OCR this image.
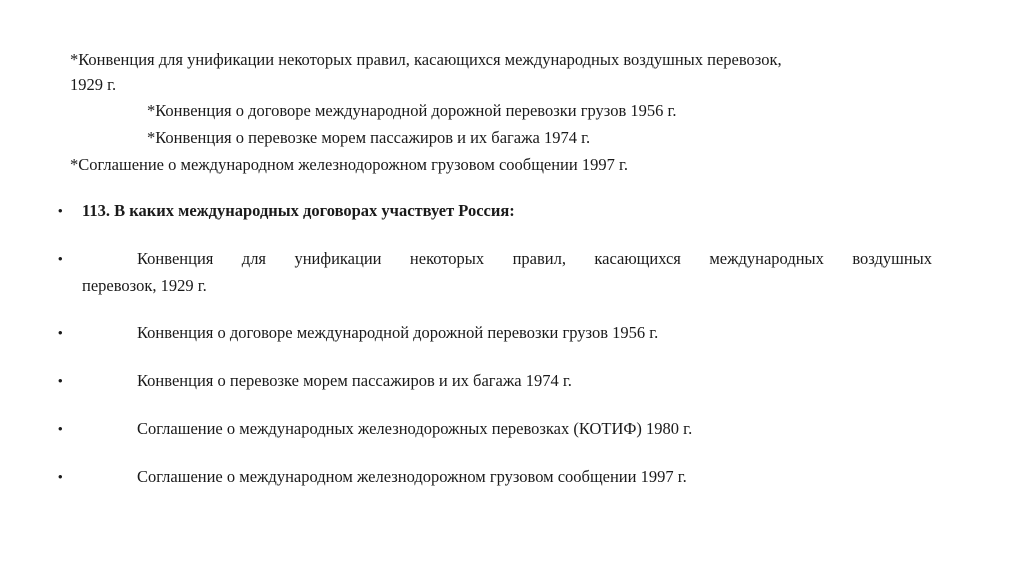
*Конвенция для унификации некоторых правил, касающихся международных воздушных перевозок,
1929 г.
*Конвенция о договоре международной дорожной перевозки грузов 1956 г.
*Конвенция о перевозке морем пассажиров и их багажа 1974 г.
*Соглашение о международном железнодорожном грузовом сообщении 1997 г.
• 113. В каких международных договорах участвует Россия:
•	Конвенция для унификации некоторых правил, касающихся международных воздушных
перевозок, 1929 г.
•	Конвенция о договоре международной дорожной перевозки грузов 1956 г.
•	Конвенция о перевозке морем пассажиров и их багажа 1974 г.
•	Соглашение о международных железнодорожных перевозках (КОТИФ) 1980 г.
•	Соглашение о международном железнодорожном грузовом сообщении 1997 г.
